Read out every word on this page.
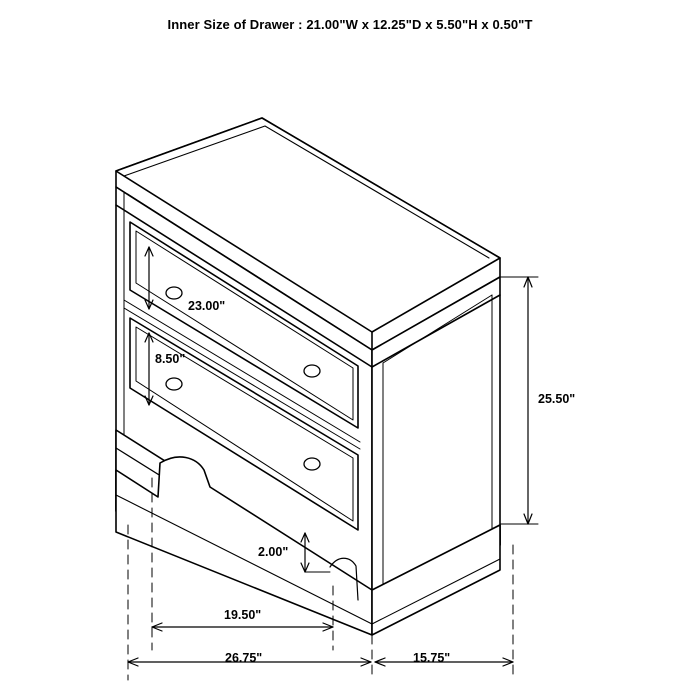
Inner Size of Drawer : 21.00"W x 12.25"D x 5.50"H x 0.50"T
23.00"
8.50"
2.00"
19.50"
25.50"
26.75"	15.75"
